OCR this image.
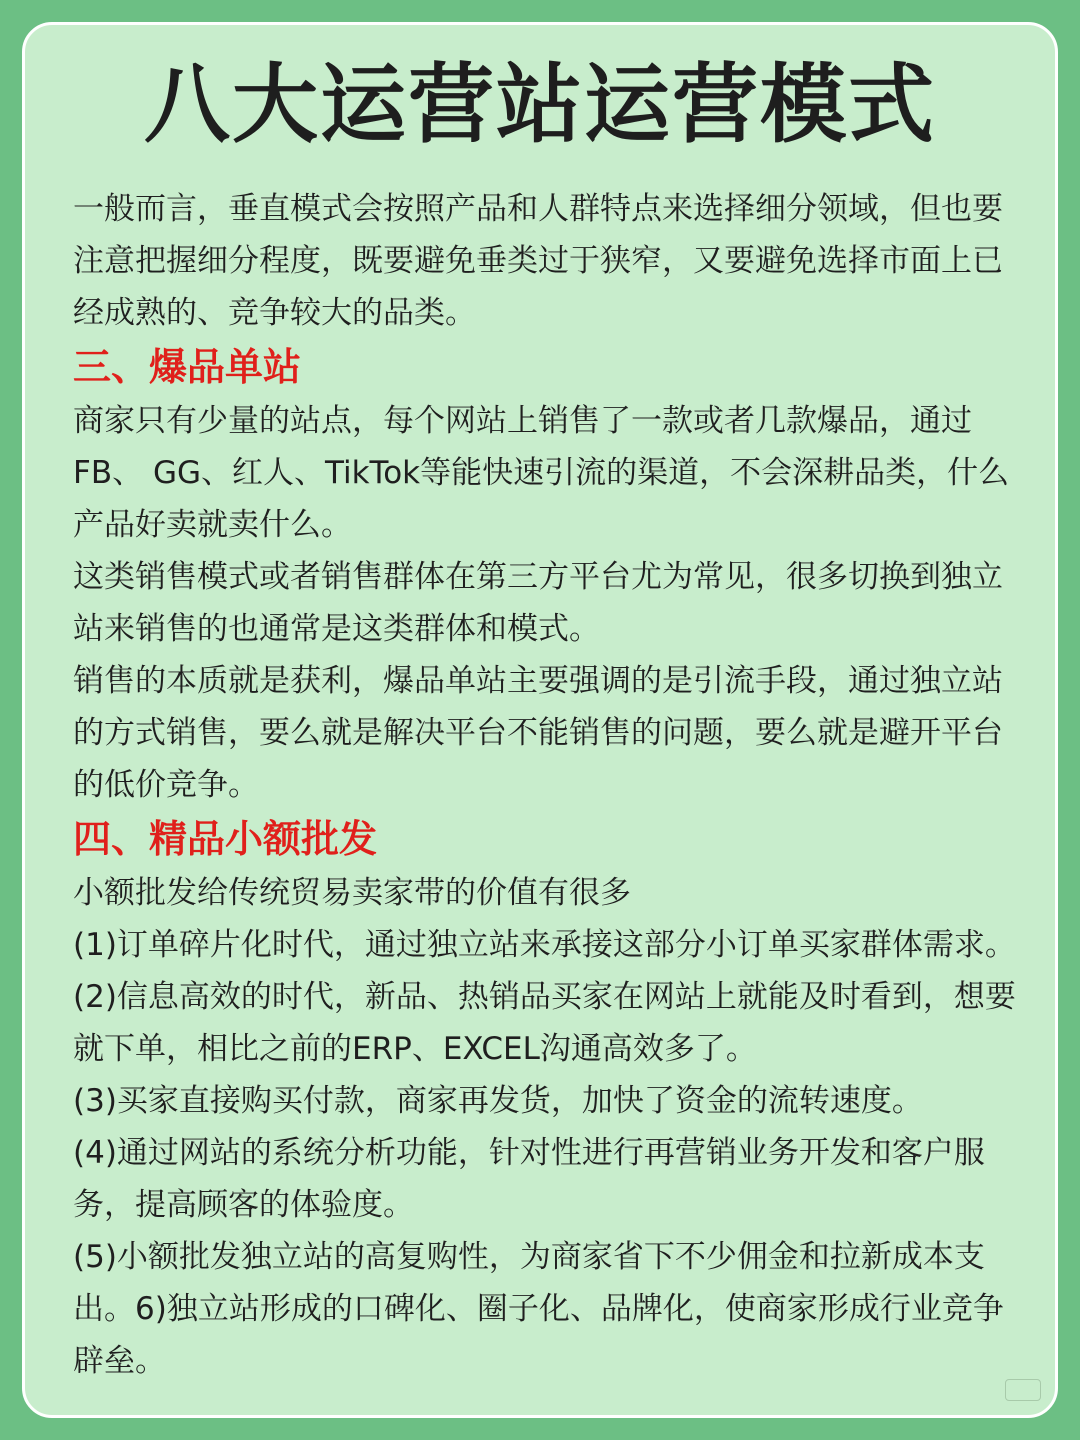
八大运营站运营模式

一般而言，垂直模式会按照产品和人群特点来选择细分领域，但也要注意把握细分程度，既要避免垂类过于狭窄，又要避免选择市面上已经成熟的、竞争较大的品类。

三、爆品单站

商家只有少量的站点，每个网站上销售了一款或者几款爆品，通过FB、 GG、红人、TikTok等能快速引流的渠道，不会深耕品类，什么产品好卖就卖什么。

这类销售模式或者销售群体在第三方平台尤为常见，很多切换到独立站来销售的也通常是这类群体和模式。

销售的本质就是获利，爆品单站主要强调的是引流手段，通过独立站的方式销售，要么就是解决平台不能销售的问题，要么就是避开平台的低价竞争。

四、精品小额批发

小额批发给传统贸易卖家带的价值有很多

(1)订单碎片化时代，通过独立站来承接这部分小订单买家群体需求。

(2)信息高效的时代，新品、热销品买家在网站上就能及时看到，想要就下单，相比之前的ERP、EXCEL沟通高效多了。

(3)买家直接购买付款，商家再发货，加快了资金的流转速度。

(4)通过网站的系统分析功能，针对性进行再营销业务开发和客户服务，提高顾客的体验度。

(5)小额批发独立站的高复购性，为商家省下不少佣金和拉新成本支出。6)独立站形成的口碑化、圈子化、品牌化，使商家形成行业竞争辟垒。
